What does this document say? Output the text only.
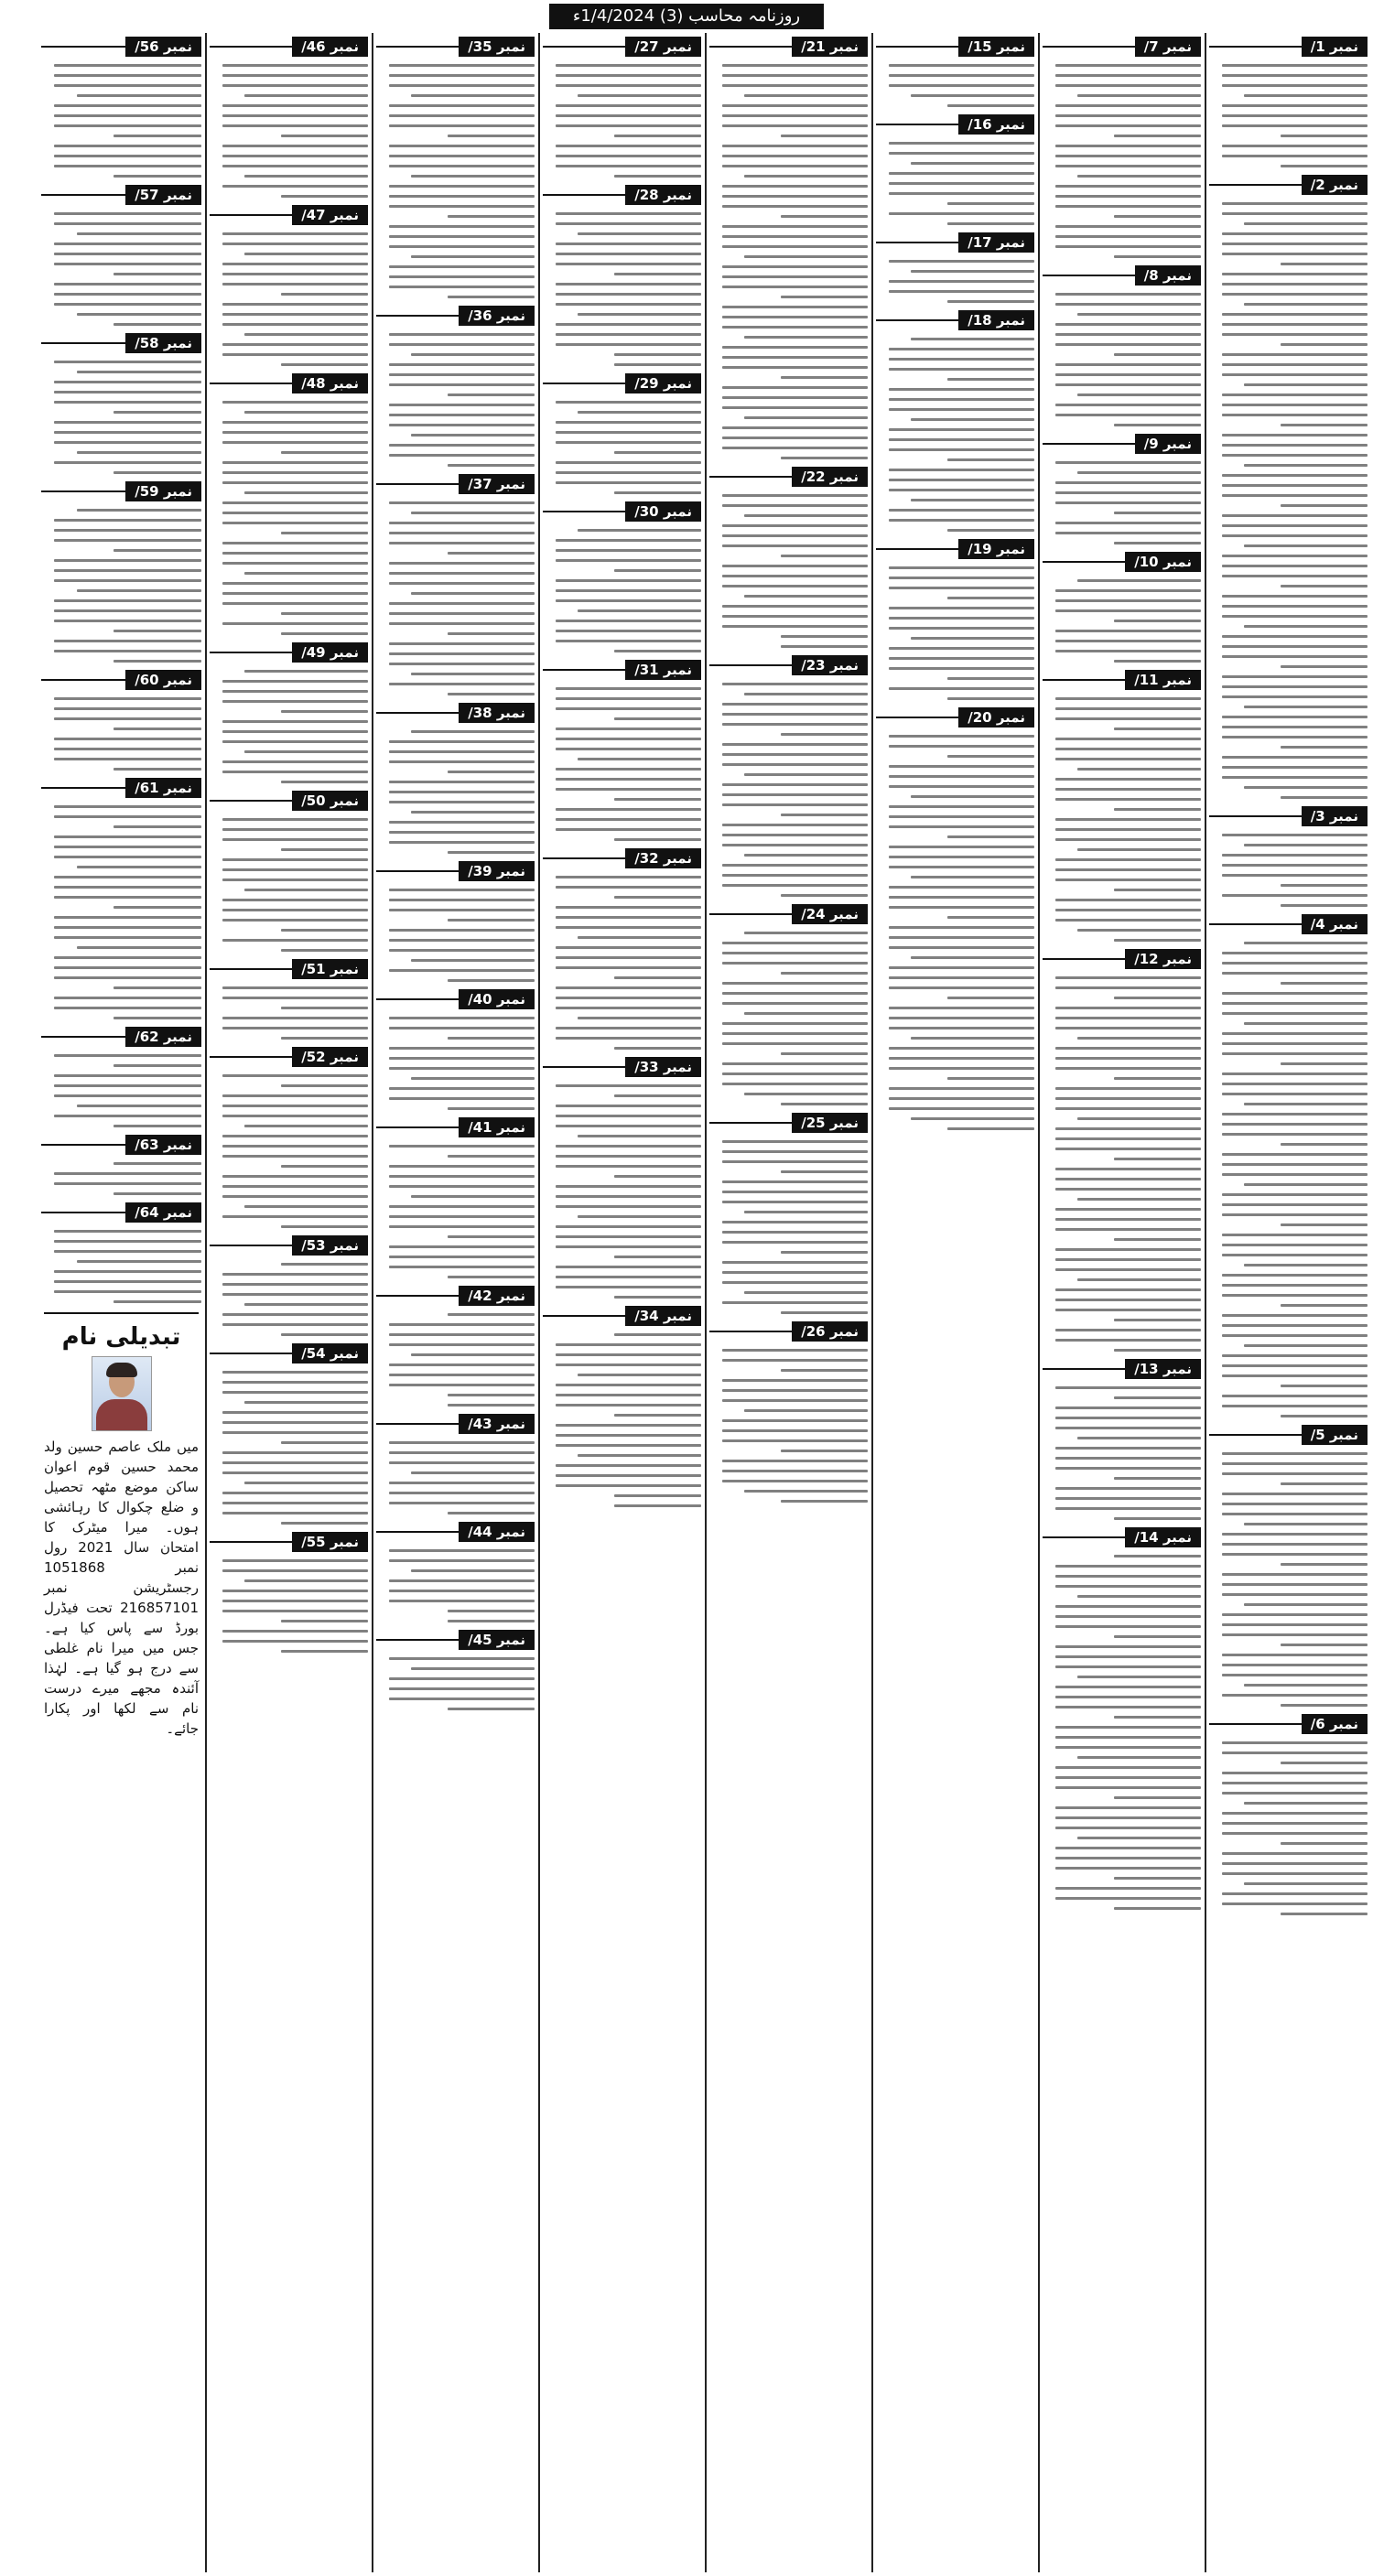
روزنامہ محاسب (3) 1/4/2024ء
نمبر 1/
نمبر 2/
نمبر 3/
نمبر 4/
نمبر 5/
نمبر 6/
نمبر 7/
نمبر 8/
نمبر 9/
نمبر 10/
نمبر 11/
نمبر 12/
نمبر 13/
نمبر 14/
نمبر 15/
نمبر 16/
نمبر 17/
نمبر 18/
نمبر 19/
نمبر 20/
نمبر 21/
نمبر 22/
نمبر 23/
نمبر 24/
نمبر 25/
نمبر 26/
نمبر 27/
نمبر 28/
نمبر 29/
نمبر 30/
نمبر 31/
نمبر 32/
نمبر 33/
نمبر 34/
نمبر 35/
نمبر 36/
نمبر 37/
نمبر 38/
نمبر 39/
نمبر 40/
نمبر 41/
نمبر 42/
نمبر 43/
نمبر 44/
نمبر 45/
نمبر 46/
نمبر 47/
نمبر 48/
نمبر 49/
نمبر 50/
نمبر 51/
نمبر 52/
نمبر 53/
نمبر 54/
نمبر 55/
نمبر 56/
نمبر 57/
نمبر 58/
نمبر 59/
نمبر 60/
نمبر 61/
نمبر 62/
نمبر 63/
نمبر 64/
تبدیلی نام
میں ملک عاصم حسین ولد محمد حسین قوم اعوان ساکن موضع مٹھہ تحصیل و ضلع چکوال کا رہائشی ہوں۔ میرا میٹرک کا امتحان سال 2021 رول نمبر 1051868 رجسٹریشن نمبر 216857101 تحت فیڈرل بورڈ سے پاس کیا ہے۔ جس میں میرا نام غلطی سے درج ہو گیا ہے۔ لہٰذا آئندہ مجھے میرے درست نام سے لکھا اور پکارا جائے۔
